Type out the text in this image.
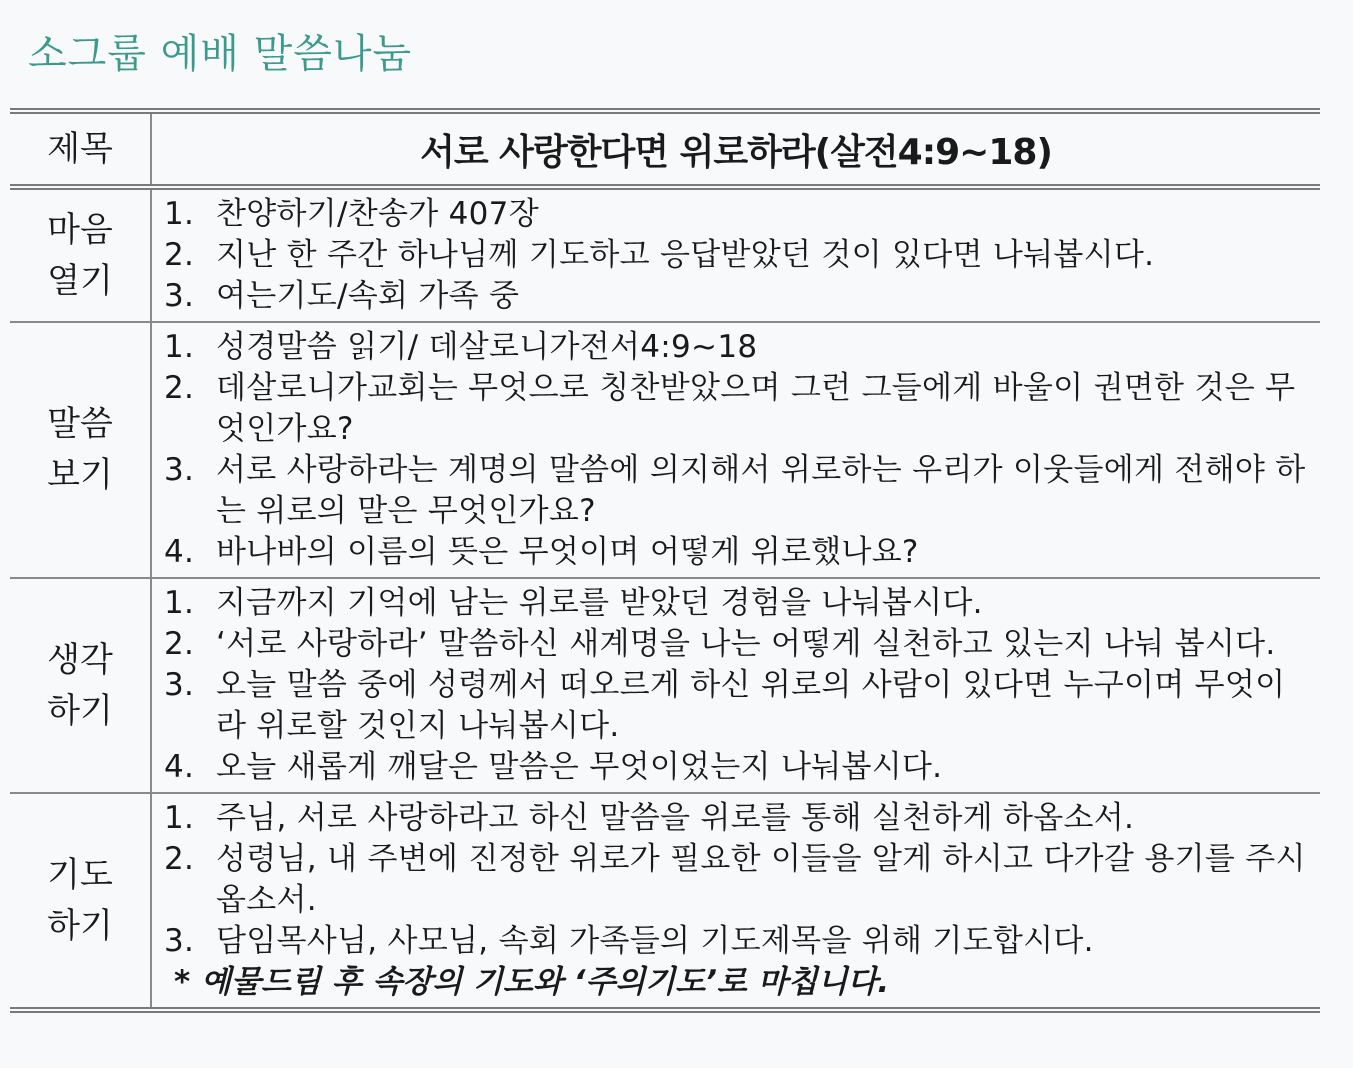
소그룹 예배 말씀나눔
제목	서로 사랑한다면 위로하라(살전4:9~18)
마음
열기
1. 찬양하기/찬송가 407장
2. 지난 한 주간 하나님께 기도하고 응답받았던 것이 있다면 나눠봅시다.
3. 여는기도/속회 가족 중
말씀
보기
1. 성경말씀 읽기/ 데살로니가전서4:9~18
2. 데살로니가교회는 무엇으로 칭찬받았으며 그런 그들에게 바울이 권면한 것은 무엇인가요?
3. 서로 사랑하라는 계명의 말씀에 의지해서 위로하는 우리가 이웃들에게 전해야 하는 위로의 말은 무엇인가요?
4. 바나바의 이름의 뜻은 무엇이며 어떻게 위로했나요?
생각
하기
1. 지금까지 기억에 남는 위로를 받았던 경험을 나눠봅시다.
2. ‘서로 사랑하라’ 말씀하신 새계명을 나는 어떻게 실천하고 있는지 나눠 봅시다.
3. 오늘 말씀 중에 성령께서 떠오르게 하신 위로의 사람이 있다면 누구이며 무엇이라 위로할 것인지 나눠봅시다.
4. 오늘 새롭게 깨달은 말씀은 무엇이었는지 나눠봅시다.
기도
하기
1. 주님, 서로 사랑하라고 하신 말씀을 위로를 통해 실천하게 하옵소서.
2. 성령님, 내 주변에 진정한 위로가 필요한 이들을 알게 하시고 다가갈 용기를 주시옵소서.
3. 담임목사님, 사모님, 속회 가족들의 기도제목을 위해 기도합시다.
* 예물드림 후 속장의 기도와 ‘주의기도’로 마칩니다.
